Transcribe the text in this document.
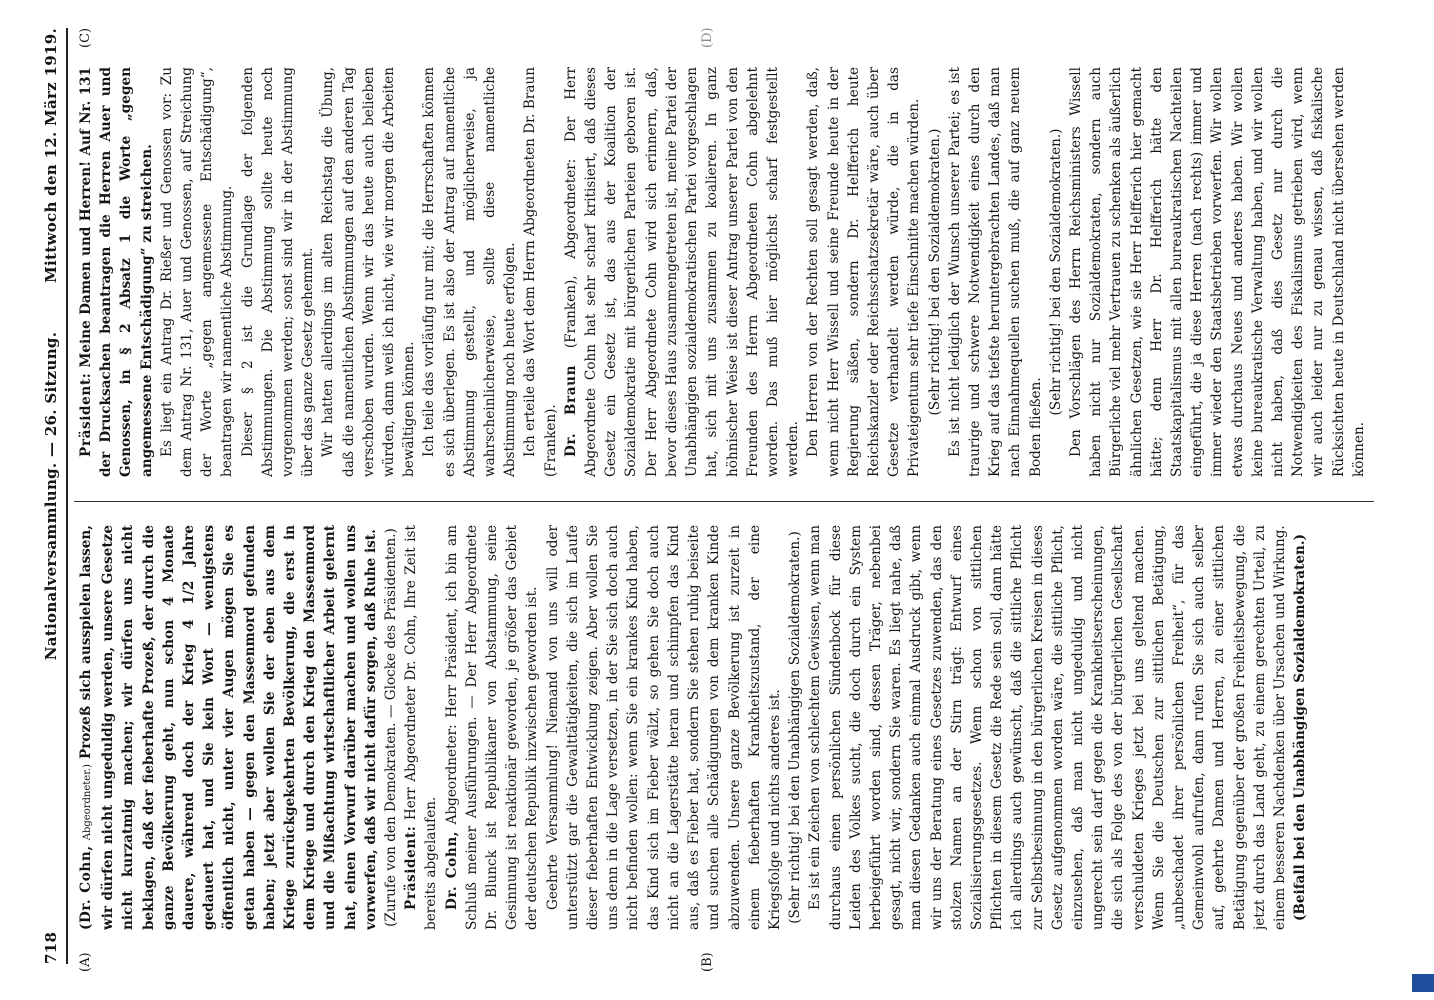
718
Nationalversammlung. — 26. Sitzung.
Mittwoch den 12. März 1919.
(A)	(B)
(C)	(D)

(Dr. Cohn, Abgeordneter.) Prozeß sich ausspielen lassen, wir dürfen nicht ungeduldig werden, unsere Gesetze nicht kurzatmig machen; wir dürfen uns nicht beklagen, daß der fieberhafte Prozeß, der durch die ganze Bevölkerung geht, nun schon 4 Monate dauere, während doch der Krieg 4 1/2 Jahre gedauert hat, und Sie kein Wort — wenigstens öffentlich nicht, unter vier Augen mögen Sie es getan haben — gegen den Massenmord gefunden haben; jetzt aber wollen Sie der eben aus dem Kriege zurückgekehrten Bevölkerung, die erst in dem Kriege und durch den Krieg den Massenmord und die Mißachtung wirtschaftlicher Arbeit gelernt hat, einen Vorwurf darüber machen und wollen uns vorwerfen, daß wir nicht dafür sorgen, daß Ruhe ist. (Zurufe von den Demokraten. — Glocke des Präsidenten.) Präsident: Herr Abgeordneter Dr. Cohn, Ihre Zeit ist bereits abgelaufen. Dr. Cohn, Abgeordneter: Herr Präsident, ich bin am Schluß meiner Ausführungen. — Der Herr Abgeordnete Dr. Blunck ist Republikaner von Abstammung, seine Gesinnung ist reaktionär geworden, je größer das Gebiet der deutschen Republik inzwischen geworden ist. Geehrte Versammlung! Niemand von uns will oder unterstützt gar die Gewalttätigkeiten, die sich im Laufe dieser fieberhaften Entwicklung zeigen. Aber wollen Sie uns denn in die Lage versetzen, in der Sie sich doch auch nicht befinden wollen: wenn Sie ein krankes Kind haben, das Kind sich im Fieber wälzt, so gehen Sie doch auch nicht an die Lagerstätte heran und schimpfen das Kind aus, daß es Fieber hat, sondern Sie stehen ruhig beiseite und suchen alle Schädigungen von dem kranken Kinde abzuwenden. Unsere ganze Bevölkerung ist zurzeit in einem fieberhaften Krankheitszustand, der eine Kriegsfolge und nichts anderes ist. (Sehr richtig! bei den Unabhängigen Sozialdemokraten.) Es ist ein Zeichen von schlechtem Gewissen, wenn man durchaus einen persönlichen Sündenbock für diese Leiden des Volkes sucht, die doch durch ein System herbeigeführt worden sind, dessen Träger, nebenbei gesagt, nicht wir, sondern Sie waren. Es liegt nahe, daß man diesen Gedanken auch einmal Ausdruck gibt, wenn wir uns der Beratung eines Gesetzes zuwenden, das den stolzen Namen an der Stirn trägt: Entwurf eines Sozialisierungsgesetzes. Wenn schon von sittlichen Pflichten in diesem Gesetz die Rede sein soll, dann hätte ich allerdings auch gewünscht, daß die sittliche Pflicht zur Selbstbesinnung in den bürgerlichen Kreisen in dieses Gesetz aufgenommen worden wäre, die sittliche Pflicht, einzusehen, daß man nicht ungeduldig und nicht ungerecht sein darf gegen die Krankheitserscheinungen, die sich als Folge des von der bürgerlichen Gesellschaft verschuldeten Krieges jetzt bei uns geltend machen. Wenn Sie die Deutschen zur sittlichen Betätigung, „unbeschadet ihrer persönlichen Freiheit“, für das Gemeinwohl aufrufen, dann rufen Sie sich auch selber auf, geehrte Damen und Herren, zu einer sittlichen Betätigung gegenüber der großen Freiheitsbewegung, die jetzt durch das Land geht, zu einem gerechten Urteil, zu einem besseren Nachdenken über Ursachen und Wirkung. (Beifall bei den Unabhängigen Sozialdemokraten.)

Präsident: Meine Damen und Herren! Auf Nr. 131 der Drucksachen beantragen die Herren Auer und Genossen, in § 2 Absatz 1 die Worte „gegen angemessene Entschädigung“ zu streichen. Es liegt ein Antrag Dr. Rießer und Genossen vor: Zu dem Antrag Nr. 131, Auer und Genossen, auf Streichung der Worte „gegen angemessene Entschädigung“, beantragen wir namentliche Abstimmung. Dieser § 2 ist die Grundlage der folgenden Abstimmungen. Die Abstimmung sollte heute noch vorgenommen werden; sonst sind wir in der Abstimmung über das ganze Gesetz gehemmt. Wir hatten allerdings im alten Reichstag die Übung, daß die namentlichen Abstimmungen auf den anderen Tag verschoben wurden. Wenn wir das heute auch belieben würden, dann weiß ich nicht, wie wir morgen die Arbeiten bewältigen können. Ich teile das vorläufig nur mit; die Herrschaften können es sich überlegen. Es ist also der Antrag auf namentliche Abstimmung gestellt, und möglicherweise, ja wahrscheinlicherweise, sollte diese namentliche Abstimmung noch heute erfolgen. Ich erteile das Wort dem Herrn Abgeordneten Dr. Braun (Franken). Dr. Braun (Franken), Abgeordneter: Der Herr Abgeordnete Cohn hat sehr scharf kritisiert, daß dieses Gesetz ein Gesetz ist, das aus der Koalition der Sozialdemokratie mit bürgerlichen Parteien geboren ist. Der Herr Abgeordnete Cohn wird sich erinnern, daß, bevor dieses Haus zusammengetreten ist, meine Partei der Unabhängigen sozialdemokratischen Partei vorgeschlagen hat, sich mit uns zusammen zu koalieren. In ganz höhnischer Weise ist dieser Antrag unserer Partei von den Freunden des Herrn Abgeordneten Cohn abgelehnt worden. Das muß hier möglichst scharf festgestellt werden. Den Herren von der Rechten soll gesagt werden, daß, wenn nicht Herr Wissell und seine Freunde heute in der Regierung säßen, sondern Dr. Helfferich heute Reichskanzler oder Reichsschatzsekretär wäre, auch über Gesetze verhandelt werden würde, die in das Privateigentum sehr tiefe Einschnitte machen würden. (Sehr richtig! bei den Sozialdemokraten.) Es ist nicht lediglich der Wunsch unserer Partei; es ist traurige und schwere Notwendigkeit eines durch den Krieg auf das tiefste heruntergebrachten Landes, daß man nach Einnahmequellen suchen muß, die auf ganz neuem Boden fließen.

(Sehr richtig! bei den Sozialdemokraten.) Den Vorschlägen des Herrn Reichsministers Wissell haben nicht nur Sozialdemokraten, sondern auch Bürgerliche viel mehr Vertrauen zu schenken als äußerlich ähnlichen Gesetzen, wie sie Herr Helfferich hier gemacht hätte; denn Herr Dr. Helfferich hätte den Staatskapitalismus mit allen bureaukratischen Nachteilen eingeführt, die ja diese Herren (nach rechts) immer und immer wieder den Staatsbetrieben vorwerfen. Wir wollen etwas durchaus Neues und anderes haben. Wir wollen keine bureaukratische Verwaltung haben, und wir wollen nicht haben, daß dies Gesetz nur durch die Notwendigkeiten des Fiskalismus getrieben wird, wenn wir auch leider nur zu genau wissen, daß fiskalische Rücksichten heute in Deutschland nicht übersehen werden können.
